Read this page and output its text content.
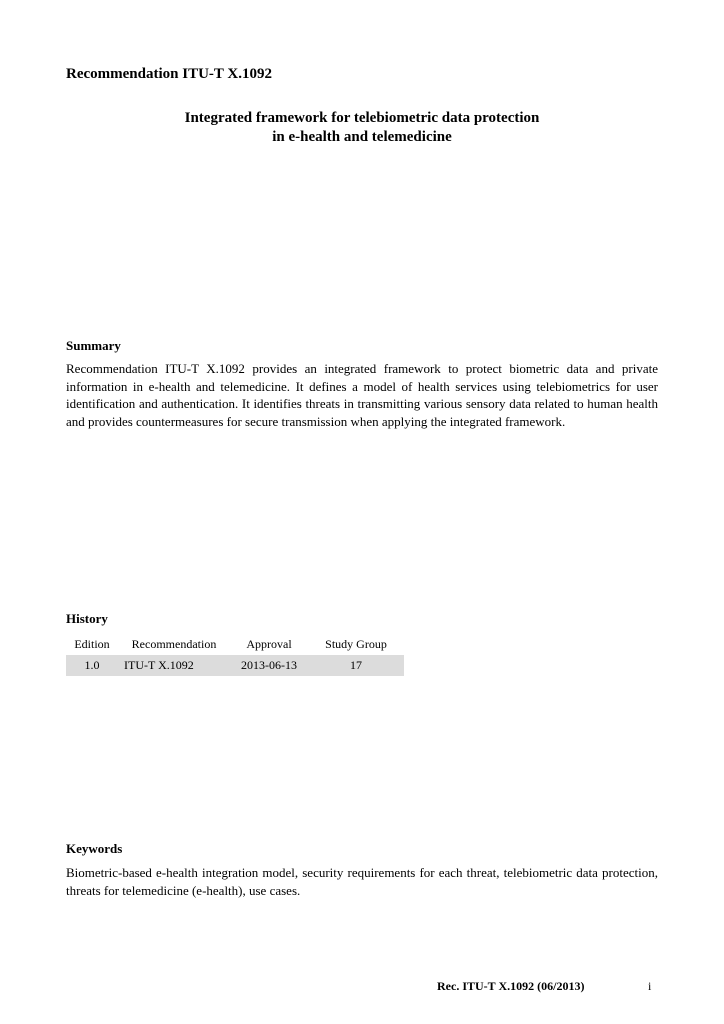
Recommendation ITU-T X.1092
Integrated framework for telebiometric data protection
in e-health and telemedicine
Summary
Recommendation ITU-T X.1092 provides an integrated framework to protect biometric data and private information in e-health and telemedicine. It defines a model of health services using telebiometrics for user identification and authentication. It identifies threats in transmitting various sensory data related to human health and provides countermeasures for secure transmission when applying the integrated framework.
History
Edition	Recommendation	Approval	Study Group
1.0	ITU-T X.1092	2013-06-13	17
Keywords
Biometric-based e-health integration model, security requirements for each threat, telebiometric data protection, threats for telemedicine (e-health), use cases.
Rec. ITU-T X.1092 (06/2013)	i
